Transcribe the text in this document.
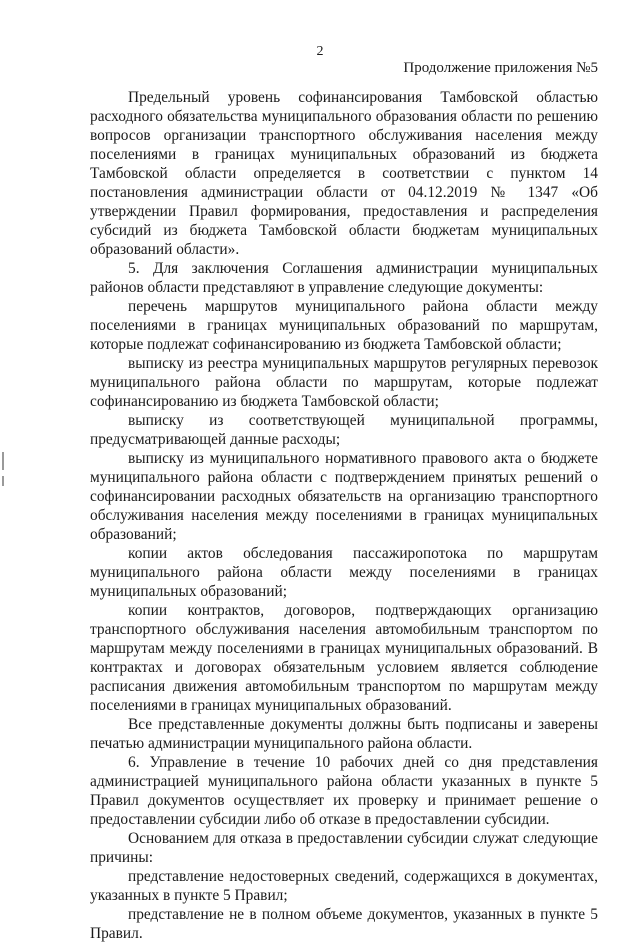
2
Продолжение приложения №5

Предельный уровень софинансирования Тамбовской областью расходного обязательства муниципального образования области по решению вопросов организации транспортного обслуживания населения между поселениями в границах муниципальных образований из бюджета Тамбовской области определяется в соответствии с пунктом 14 постановления администрации области от 04.12.2019 № 1347 «Об утверждении Правил формирования, предоставления и распределения субсидий из бюджета Тамбовской области бюджетам муниципальных образований области».

5. Для заключения Соглашения администрации муниципальных районов области представляют в управление следующие документы:

перечень маршрутов муниципального района области между поселениями в границах муниципальных образований по маршрутам, которые подлежат софинансированию из бюджета Тамбовской области;

выписку из реестра муниципальных маршрутов регулярных перевозок муниципального района области по маршрутам, которые подлежат софинансированию из бюджета Тамбовской области;

выписку из соответствующей муниципальной программы, предусматривающей данные расходы;

выписку из муниципального нормативного правового акта о бюджете муниципального района области с подтверждением принятых решений о софинансировании расходных обязательств на организацию транспортного обслуживания населения между поселениями в границах муниципальных образований;

копии актов обследования пассажиропотока по маршрутам муниципального района области между поселениями в границах муниципальных образований;

копии контрактов, договоров, подтверждающих организацию транспортного обслуживания населения автомобильным транспортом по маршрутам между поселениями в границах муниципальных образований. В контрактах и договорах обязательным условием является соблюдение расписания движения автомобильным транспортом по маршрутам между поселениями в границах муниципальных образований.

Все представленные документы должны быть подписаны и заверены печатью администрации муниципального района области.

6. Управление в течение 10 рабочих дней со дня представления администрацией муниципального района области указанных в пункте 5 Правил документов осуществляет их проверку и принимает решение о предоставлении субсидии либо об отказе в предоставлении субсидии.

Основанием для отказа в предоставлении субсидии служат следующие причины:

представление недостоверных сведений, содержащихся в документах, указанных в пункте 5 Правил;

представление не в полном объеме документов, указанных в пункте 5 Правил.
